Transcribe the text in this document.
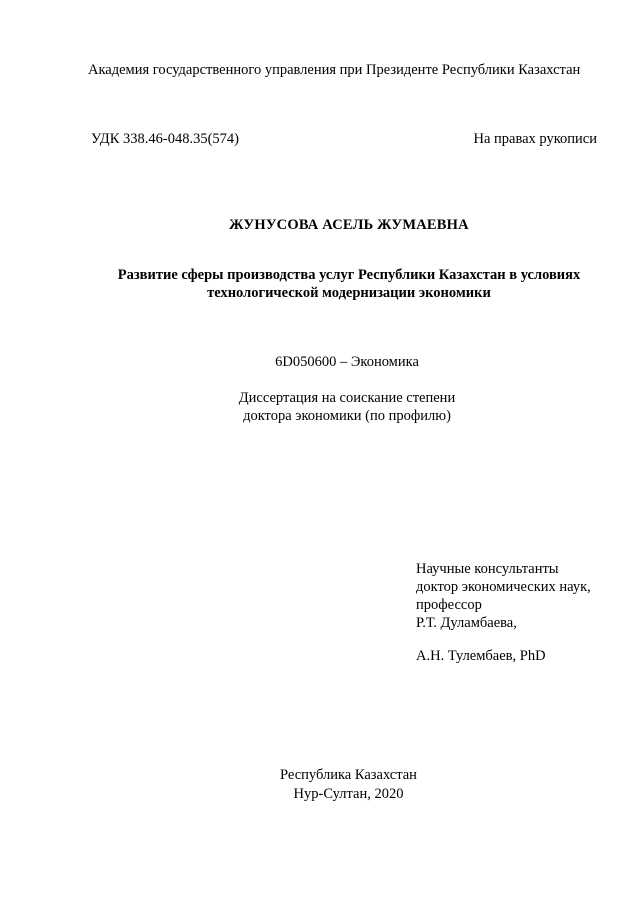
Академия государственного управления при Президенте Республики Казахстан
УДК 338.46-048.35(574)	На правах рукописи
ЖУНУСОВА АСЕЛЬ ЖУМАЕВНА
Развитие сферы производства услуг Республики Казахстан в условиях
технологической модернизации экономики
6D050600 – Экономика
Диссертация на соискание степени
доктора экономики (по профилю)
Научные консультанты
доктор экономических наук,
профессор
Р.Т. Дуламбаева,
А.Н. Тулембаев, PhD
Республика Казахстан
Нур-Султан, 2020
